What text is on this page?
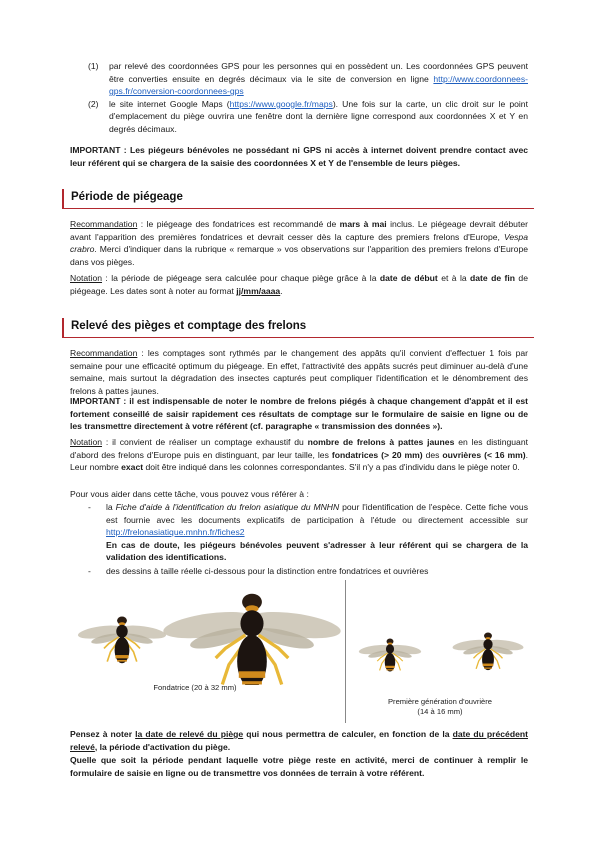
(1) par relevé des coordonnées GPS pour les personnes qui en possèdent un. Les coordonnées GPS peuvent être converties ensuite en degrés décimaux via le site de conversion en ligne http://www.coordonnees-gps.fr/conversion-coordonnees-gps
(2) le site internet Google Maps (https://www.google.fr/maps). Une fois sur la carte, un clic droit sur le point d'emplacement du piège ouvrira une fenêtre dont la dernière ligne correspond aux coordonnées X et Y en degrés décimaux.
IMPORTANT : Les piégeurs bénévoles ne possédant ni GPS ni accès à internet doivent prendre contact avec leur référent qui se chargera de la saisie des coordonnées X et Y de l'ensemble de leurs pièges.
Période de piégeage
Recommandation : le piégeage des fondatrices est recommandé de mars à mai inclus. Le piégeage devrait débuter avant l'apparition des premières fondatrices et devrait cesser dès la capture des premiers frelons d'Europe, Vespa crabro. Merci d'indiquer dans la rubrique « remarque » vos observations sur l'apparition des premiers frelons d'Europe dans vos pièges.
Notation : la période de piégeage sera calculée pour chaque piège grâce à la date de début et à la date de fin de piégeage. Les dates sont à noter au format jj/mm/aaaa.
Relevé des pièges et comptage des frelons
Recommandation : les comptages sont rythmés par le changement des appâts qu'il convient d'effectuer 1 fois par semaine pour une efficacité optimum du piégeage. En effet, l'attractivité des appâts sucrés peut diminuer au-delà d'une semaine, mais surtout la dégradation des insectes capturés peut compliquer l'identification et le dénombrement des frelons à pattes jaunes.
IMPORTANT : il est indispensable de noter le nombre de frelons piégés à chaque changement d'appât et il est fortement conseillé de saisir rapidement ces résultats de comptage sur le formulaire de saisie en ligne ou de les transmettre directement à votre référent (cf. paragraphe « transmission des données »).
Notation : il convient de réaliser un comptage exhaustif du nombre de frelons à pattes jaunes en les distinguant d'abord des frelons d'Europe puis en distinguant, par leur taille, les fondatrices (> 20 mm) des ouvrières (< 16 mm). Leur nombre exact doit être indiqué dans les colonnes correspondantes. S'il n'y a pas d'individu dans le piège noter 0.
Pour vous aider dans cette tâche, vous pouvez vous référer à :
- la Fiche d'aide à l'identification du frelon asiatique du MNHN pour l'identification de l'espèce. Cette fiche vous est fournie avec les documents explicatifs de participation à l'étude ou directement accessible sur http://frelonasiatique.mnhn.fr/fiches2
En cas de doute, les piégeurs bénévoles peuvent s'adresser à leur référent qui se chargera de la validation des identifications.
- des dessins à taille réelle ci-dessous pour la distinction entre fondatrices et ouvrières
Fondatrice (20 à 32 mm)
Première génération d'ouvrière
(14 à 16 mm)
Pensez à noter la date de relevé du piège qui nous permettra de calculer, en fonction de la date du précédent relevé, la période d'activation du piège.
Quelle que soit la période pendant laquelle votre piège reste en activité, merci de continuer à remplir le formulaire de saisie en ligne ou de transmettre vos données de terrain à votre référent.
